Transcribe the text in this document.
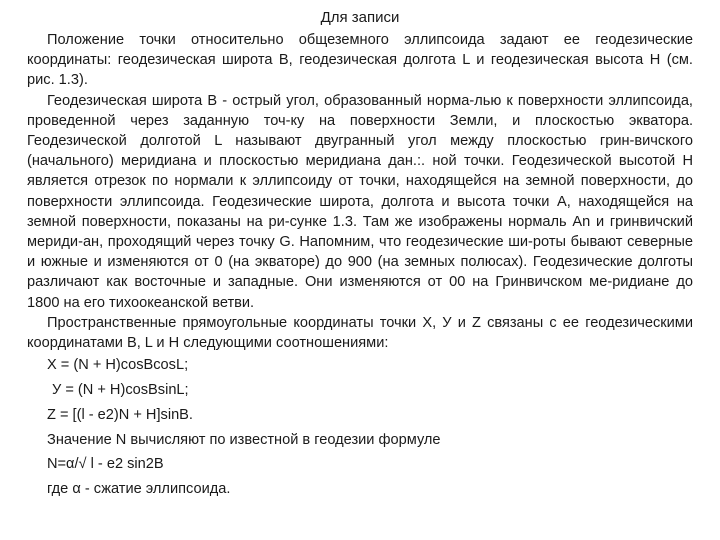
Для записи

Положение точки относительно общеземного эллипсоида задают ее геодезические координаты: геодезическая широта В, геодезическая долгота L и геодезическая высота Н (см. рис. 1.3).

Геодезическая широта В - острый угол, образованный норма-лью к поверхности эллипсоида, проведенной через заданную точ-ку на поверхности Земли, и плоскостью экватора. Геодезической долготой L называют двугранный угол между плоскостью грин-вичского (начального) меридиана и плоскостью меридиана дан.:. ной точки. Геодезической высотой Н является отрезок по нормали к эллипсоиду от точки, находящейся на земной поверхности, до поверхности эллипсоида. Геодезические широта, долгота и высота точки А, находящейся на земной поверхности, показаны на ри-сунке 1.3. Там же изображены нормаль Аn и гринвичский мериди-ан, проходящий через точку G. Напомним, что геодезические ши-роты бывают северные и южные и изменяются от 0 (на экваторе) до 900 (на земных полюсах). Геодезические долготы различают как восточные и западные. Они изменяются от 00 на Гринвичском ме-ридиане до 1800 на его тихоокеанской ветви.

Пространственные прямоугольные координаты точки X, У и Z связаны с ее геодезическими координатами В, L и Н следующими соотношениями:

X = (N + H)cosBcosL;

У = (N + H)cosBsinL;

Z = [(l - e2)N + H]sinB.

Значение N вычисляют по известной в геодезии формуле

N=α/√ l - e2 sin2B

где α - сжатие эллипсоида.
